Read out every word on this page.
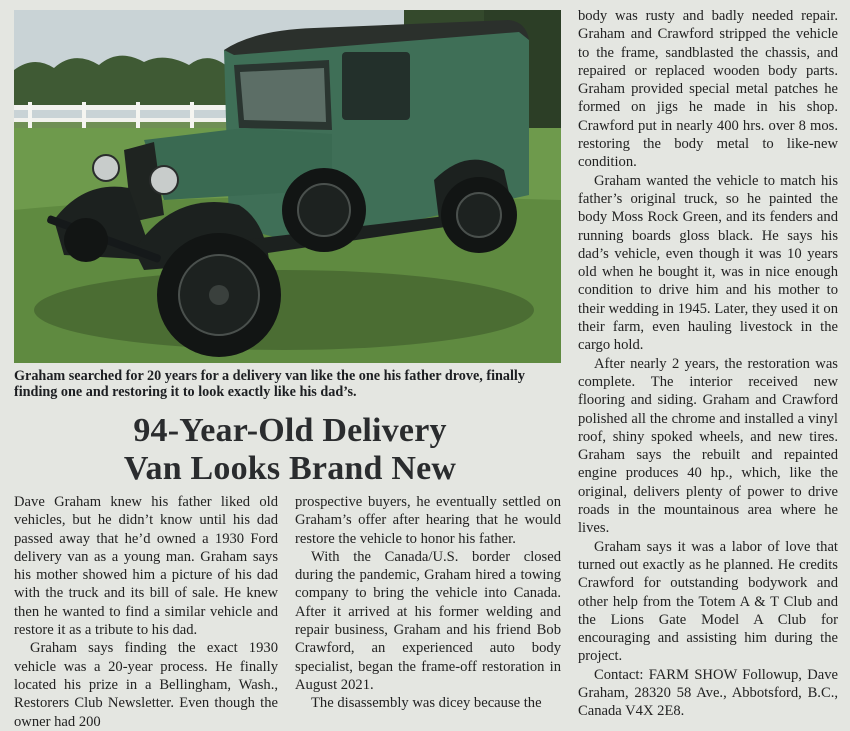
Graham searched for 20 years for a delivery van like the one his father drove, finally finding one and restoring it to look exactly like his dad’s.
94-Year-Old Delivery
Van Looks Brand New

Dave Graham knew his father liked old vehicles, but he didn’t know until his dad passed away that he’d owned a 1930 Ford delivery van as a young man. Graham says his mother showed him a picture of his dad with the truck and its bill of sale. He knew then he wanted to find a similar vehicle and restore it as a tribute to his dad.

Graham says finding the exact 1930 vehicle was a 20-year process. He finally located his prize in a Bellingham, Wash., Restorers Club Newsletter. Even though the owner had 200

prospective buyers, he eventually settled on Graham’s offer after hearing that he would restore the vehicle to honor his father.

With the Canada/U.S. border closed during the pandemic, Graham hired a towing company to bring the vehicle into Canada. After it arrived at his former welding and repair business, Graham and his friend Bob Crawford, an experienced auto body specialist, began the frame-off restoration in August 2021.

The disassembly was dicey because the

body was rusty and badly needed repair. Graham and Crawford stripped the vehicle to the frame, sandblasted the chassis, and repaired or replaced wooden body parts. Graham provided special metal patches he formed on jigs he made in his shop. Crawford put in nearly 400 hrs. over 8 mos. restoring the body metal to like-new condition.

Graham wanted the vehicle to match his father’s original truck, so he painted the body Moss Rock Green, and its fenders and running boards gloss black. He says his dad’s vehicle, even though it was 10 years old when he bought it, was in nice enough condition to drive him and his mother to their wedding in 1945. Later, they used it on their farm, even hauling livestock in the cargo hold.

After nearly 2 years, the restoration was complete. The interior received new flooring and siding. Graham and Crawford polished all the chrome and installed a vinyl roof, shiny spoked wheels, and new tires. Graham says the rebuilt and repainted engine produces 40 hp., which, like the original, delivers plenty of power to drive roads in the mountainous area where he lives.

Graham says it was a labor of love that turned out exactly as he planned. He credits Crawford for outstanding bodywork and other help from the Totem A & T Club and the Lions Gate Model A Club for encouraging and assisting him during the project.

Contact: FARM SHOW Followup, Dave Graham, 28320 58 Ave., Abbotsford, B.C., Canada V4X 2E8.
